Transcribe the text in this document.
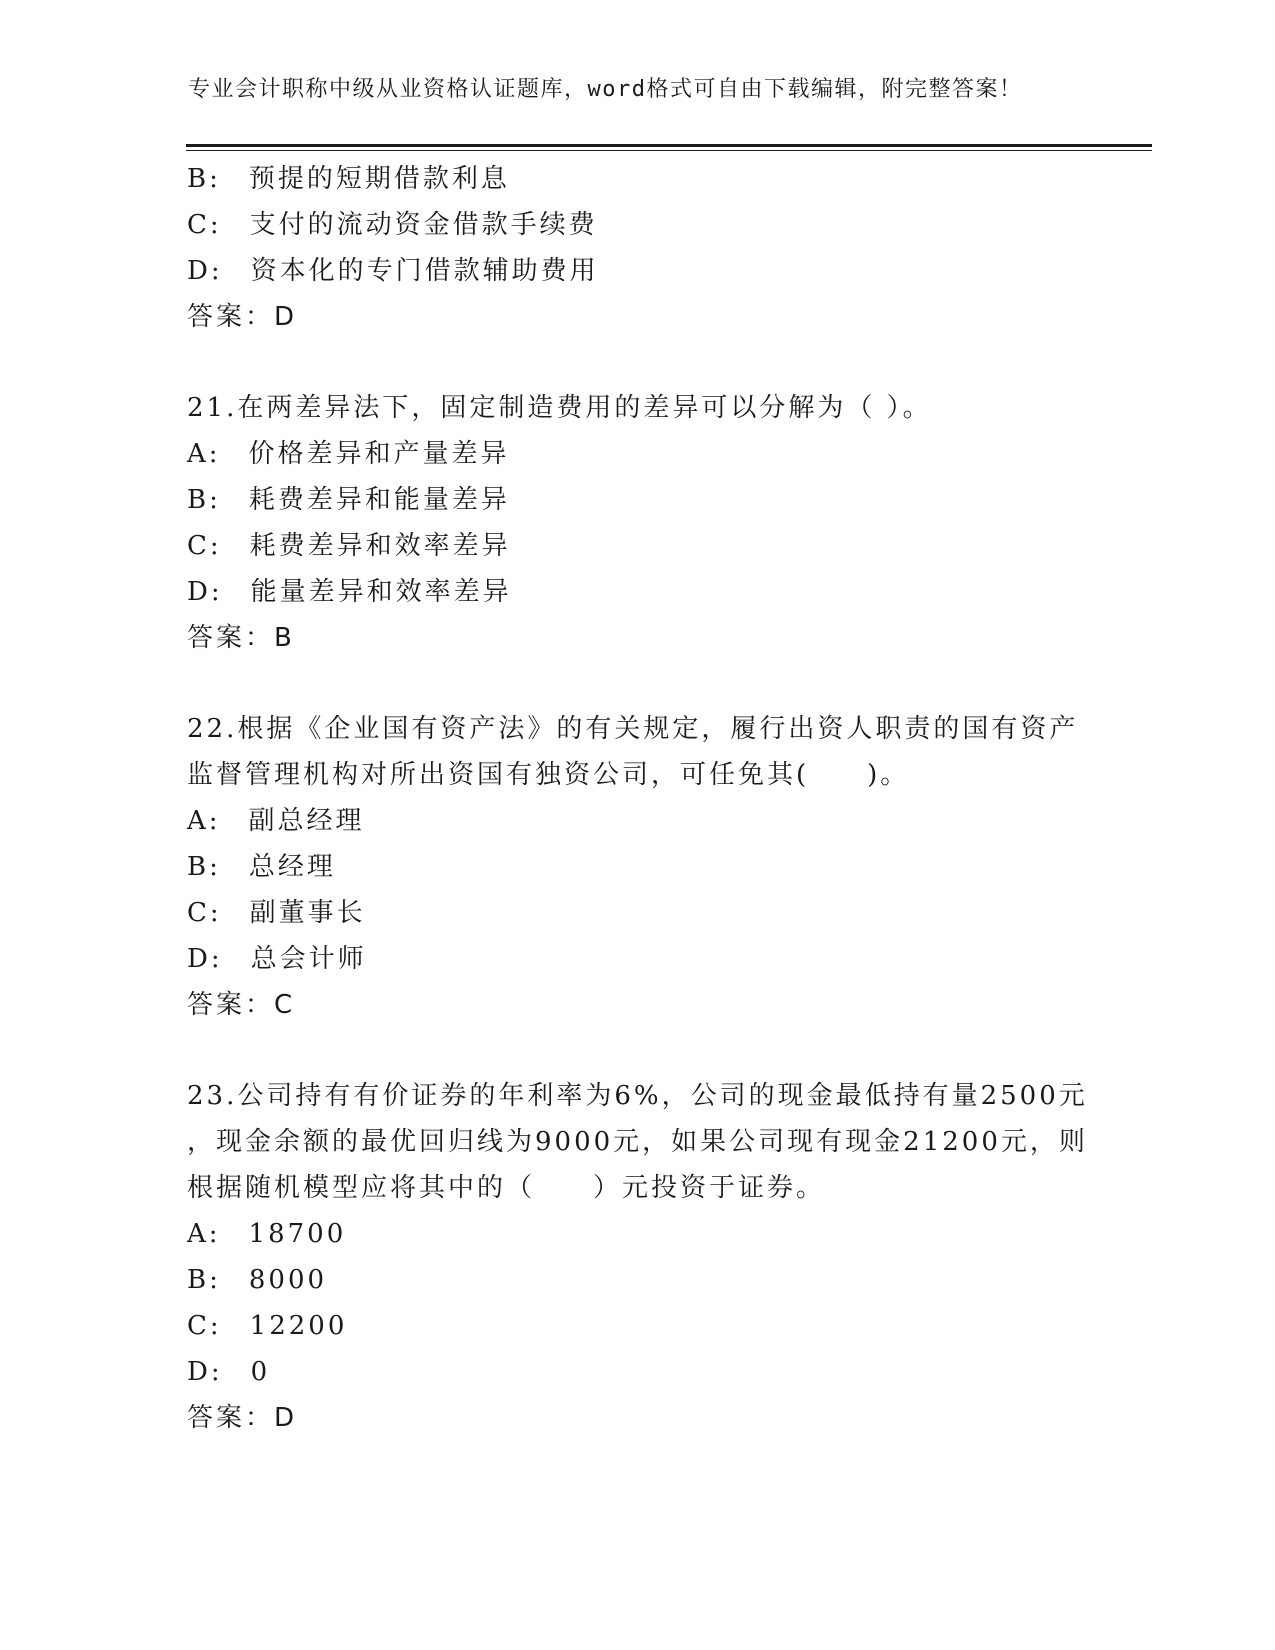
专业会计职称中级从业资格认证题库，word格式可自由下载编辑，附完整答案！
B: 预提的短期借款利息
C: 支付的流动资金借款手续费
D: 资本化的专门借款辅助费用
答案：D
21.在两差异法下，固定制造费用的差异可以分解为（ ）。
A: 价格差异和产量差异
B: 耗费差异和能量差异
C: 耗费差异和效率差异
D: 能量差异和效率差异
答案：B
22.根据《企业国有资产法》的有关规定，履行出资人职责的国有资产
监督管理机构对所出资国有独资公司，可任免其(　　)。
A: 副总经理
B: 总经理
C: 副董事长
D: 总会计师
答案：C
23.公司持有有价证券的年利率为6%，公司的现金最低持有量2500元
，现金余额的最优回归线为9000元，如果公司现有现金21200元，则
根据随机模型应将其中的（　　）元投资于证券。
A: 18700
B: 8000
C: 12200
D: 0
答案：D
